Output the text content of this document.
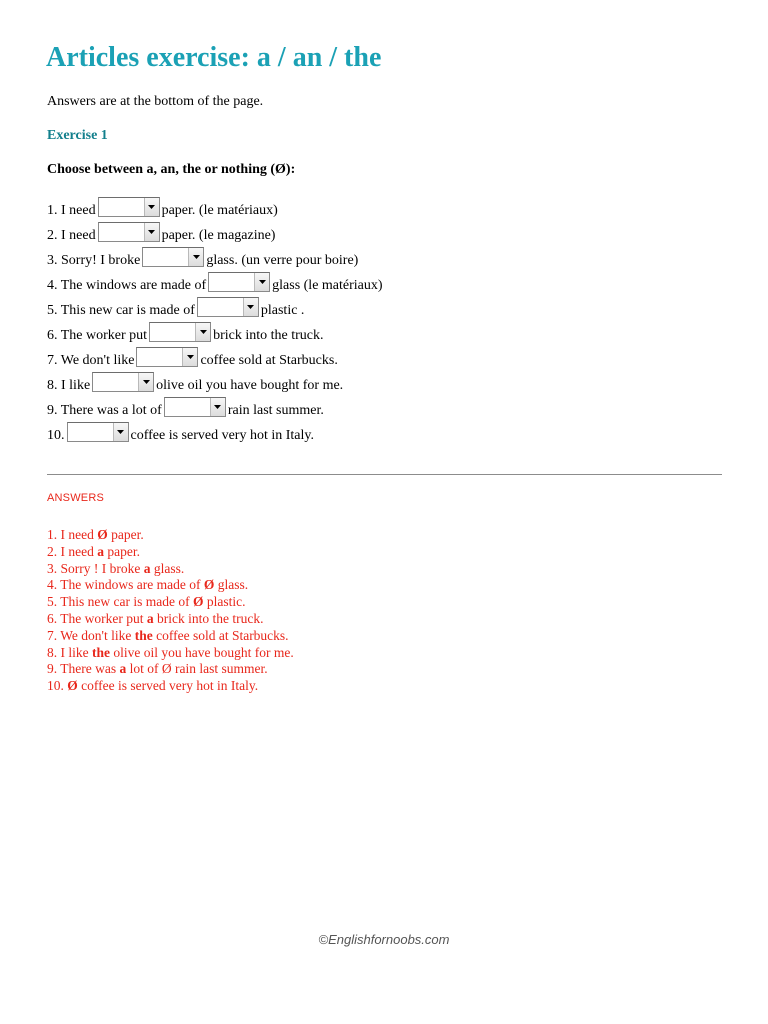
Articles exercise: a / an / the

Answers are at the bottom of the page.

Exercise 1

Choose between a, an, the or nothing (Ø):

1. I need	paper. (le matériaux)
2. I need	paper. (le magazine)
3. Sorry! I broke	glass. (un verre pour boire)
4. The windows are made of	glass (le matériaux)
5. This new car is made of	plastic .
6. The worker put	brick into the truck.
7. We don't like	coffee sold at Starbucks.
8. I like	olive oil you have bought for me.
9. There was a lot of	rain last summer.
10.	coffee is served very hot in Italy.

ANSWERS

1. I need Ø paper.
2. I need a paper.
3. Sorry ! I broke a glass.
4. The windows are made of Ø glass.
5. This new car is made of Ø plastic.
6. The worker put a brick into the truck.
7. We don't like the coffee sold at Starbucks.
8. I like the olive oil you have bought for me.
9. There was a lot of Ø rain last summer.
10. Ø coffee is served very hot in Italy.

©Englishfornoobs.com
